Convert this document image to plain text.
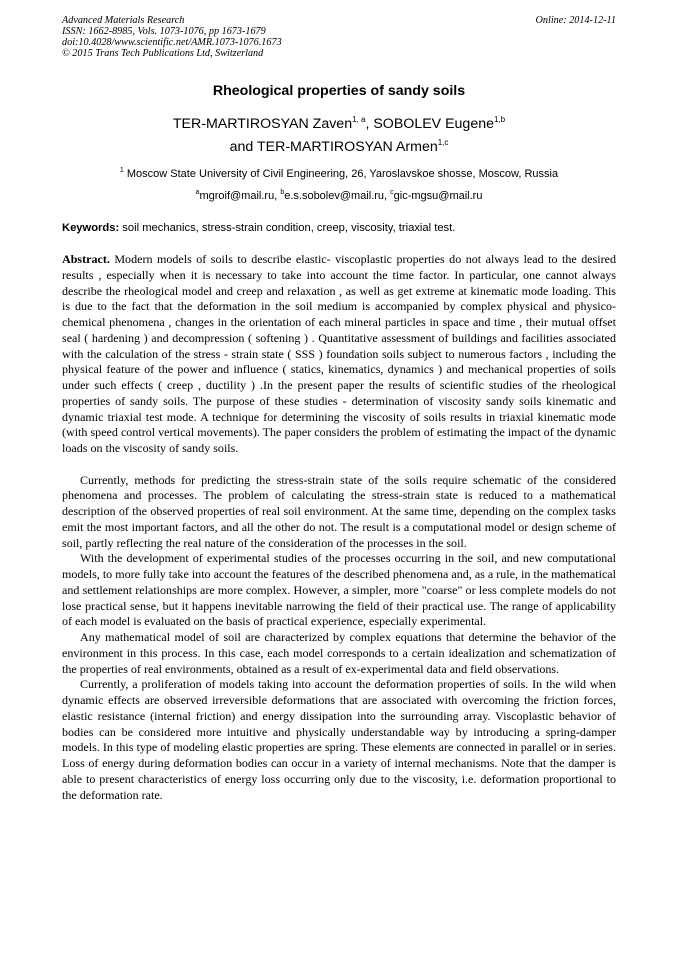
Advanced Materials Research	Online: 2014-12-11
ISSN: 1662-8985, Vols. 1073-1076, pp 1673-1679
doi:10.4028/www.scientific.net/AMR.1073-1076.1673
© 2015 Trans Tech Publications Ltd, Switzerland
Rheological properties of sandy soils
TER-MARTIROSYAN Zaven$^{1, a}$, SOBOLEV Eugene$^{1,b}$
and TER-MARTIROSYAN Armen$^{1,c}$
$^1$ Moscow State University of Civil Engineering, 26, Yaroslavskoe shosse, Moscow, Russia
$^a$mgroif@mail.ru, $^b$e.s.sobolev@mail.ru, $^c$gic-mgsu@mail.ru
Keywords: soil mechanics, stress-strain condition, creep, viscosity, triaxial test.

Abstract. Modern models of soils to describe elastic- viscoplastic properties do not always lead to the desired results , especially when it is necessary to take into account the time factor. In particular, one cannot always describe the rheological model and creep and relaxation , as well as get extreme at kinematic mode loading. This is due to the fact that the deformation in the soil medium is accompanied by complex physical and physico- chemical phenomena , changes in the orientation of each mineral particles in space and time , their mutual offset seal ( hardening ) and decompression ( softening ) . Quantitative assessment of buildings and facilities associated with the calculation of the stress - strain state ( SSS ) foundation soils subject to numerous factors , including the physical feature of the power and influence ( statics, kinematics, dynamics ) and mechanical properties of soils under such effects ( creep , ductility ) .In the present paper the results of scientific studies of the rheological properties of sandy soils. The purpose of these studies - determination of viscosity sandy soils kinematic and dynamic triaxial test mode. A technique for determining the viscosity of soils results in triaxial kinematic mode (with speed control vertical movements). The paper considers the problem of estimating the impact of the dynamic loads on the viscosity of sandy soils.

Currently, methods for predicting the stress-strain state of the soils require schematic of the considered phenomena and processes. The problem of calculating the stress-strain state is reduced to a mathematical description of the observed properties of real soil environment. At the same time, depending on the complex tasks emit the most important factors, and all the other do not. The result is a computational model or design scheme of soil, partly reflecting the real nature of the consideration of the processes in the soil.

With the development of experimental studies of the processes occurring in the soil, and new computational models, to more fully take into account the features of the described phenomena and, as a rule, in the mathematical and settlement relationships are more complex. However, a simpler, more "coarse" or less complete models do not lose practical sense, but it happens inevitable narrowing the field of their practical use. The range of applicability of each model is evaluated on the basis of practical experience, especially experimental.

Any mathematical model of soil are characterized by complex equations that determine the behavior of the environment in this process. In this case, each model corresponds to a certain idealization and schematization of the properties of real environments, obtained as a result of ex-experimental data and field observations.

Currently, a proliferation of models taking into account the deformation properties of soils. In the wild when dynamic effects are observed irreversible deformations that are associated with overcoming the friction forces, elastic resistance (internal friction) and energy dissipation into the surrounding array. Viscoplastic behavior of bodies can be considered more intuitive and physically understandable way by introducing a spring-damper models. In this type of modeling elastic properties are spring. These elements are connected in parallel or in series. Loss of energy during deformation bodies can occur in a variety of internal mechanisms. Note that the damper is able to present characteristics of energy loss occurring only due to the viscosity, i.e. deformation proportional to the deformation rate.
